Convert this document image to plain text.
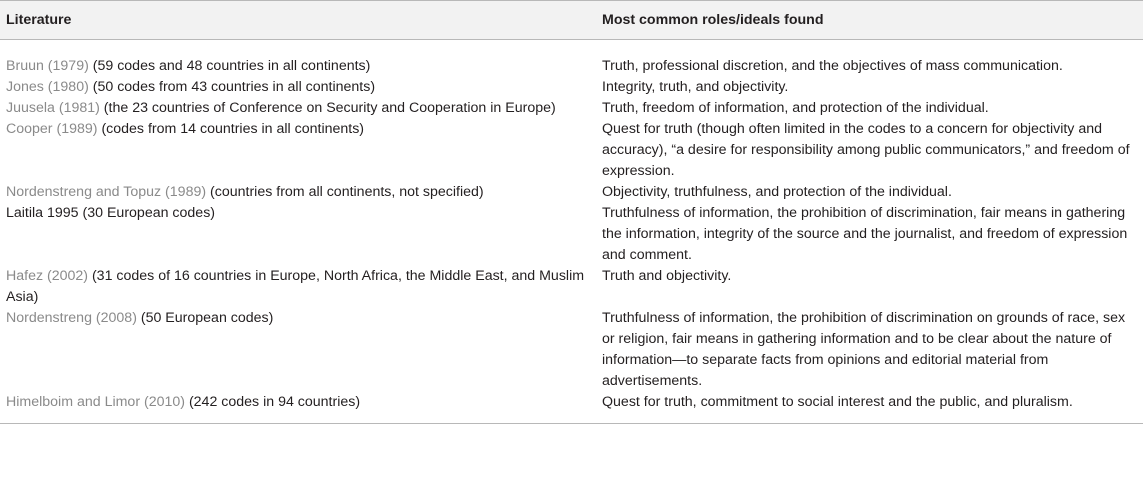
Literature	Most common roles/ideals found
Bruun (1979) (59 codes and 48 countries in all continents)	Truth, professional discretion, and the objectives of mass communication.
Jones (1980) (50 codes from 43 countries in all continents)	Integrity, truth, and objectivity.
Juusela (1981) (the 23 countries of Conference on Security and Cooperation in Europe)	Truth, freedom of information, and protection of the individual.
Cooper (1989) (codes from 14 countries in all continents)	Quest for truth (though often limited in the codes to a concern for objectivity and accuracy), “a desire for responsibility among public communicators,” and freedom of expression.
Nordenstreng and Topuz (1989) (countries from all continents, not specified)	Objectivity, truthfulness, and protection of the individual.
Laitila 1995 (30 European codes)	Truthfulness of information, the prohibition of discrimination, fair means in gathering the information, integrity of the source and the journalist, and freedom of expression and comment.
Hafez (2002) (31 codes of 16 countries in Europe, North Africa, the Middle East, and Muslim Asia)	Truth and objectivity.
Nordenstreng (2008) (50 European codes)	Truthfulness of information, the prohibition of discrimination on grounds of race, sex or religion, fair means in gathering information and to be clear about the nature of information—to separate facts from opinions and editorial material from advertisements.
Himelboim and Limor (2010) (242 codes in 94 countries)	Quest for truth, commitment to social interest and the public, and pluralism.
